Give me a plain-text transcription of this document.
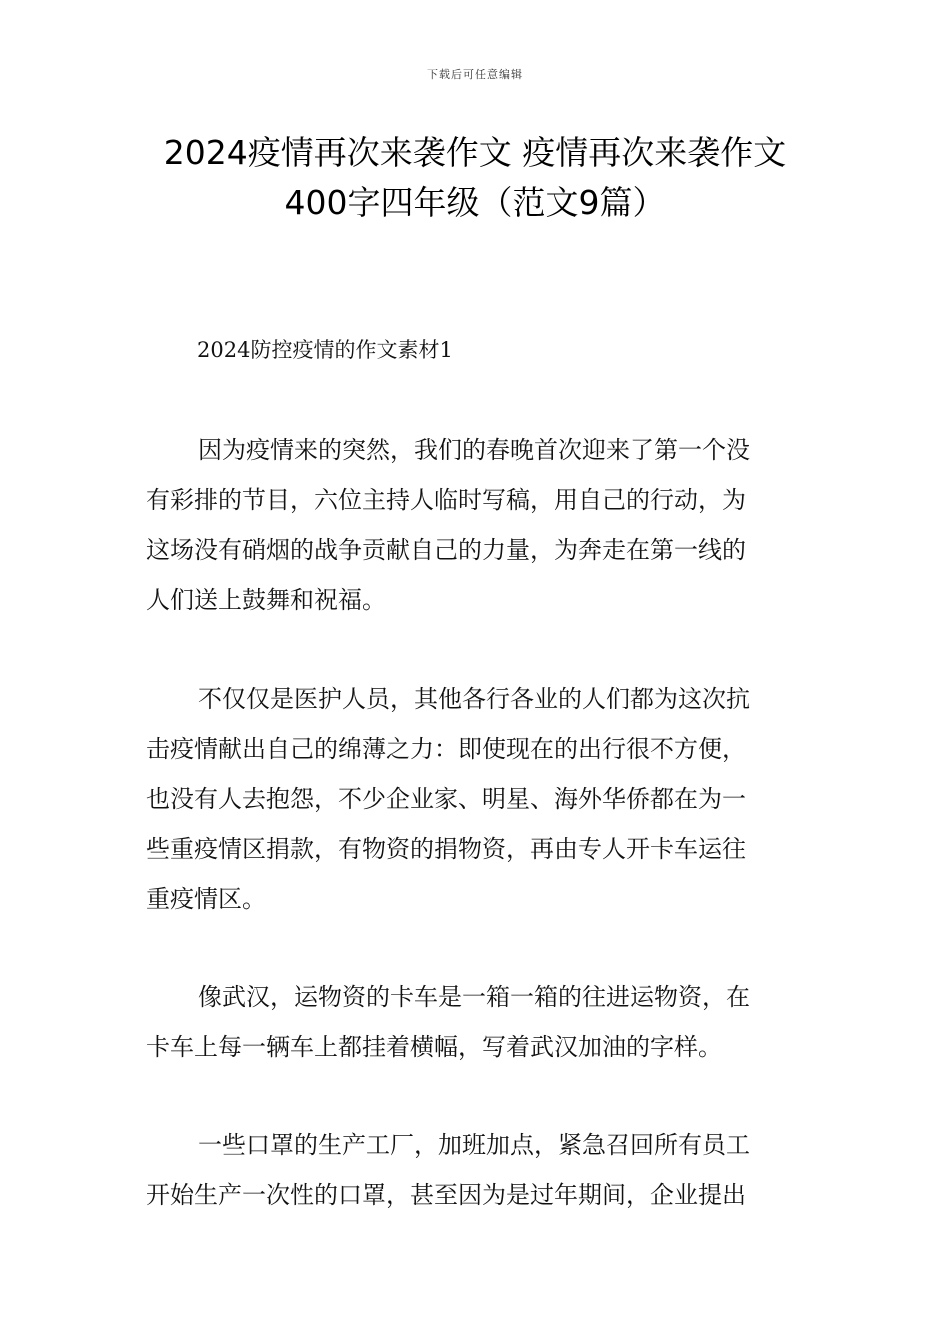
下载后可任意编辑
2024疫情再次来袭作文 疫情再次来袭作文
400字四年级（范文9篇）
2024防控疫情的作文素材1
因为疫情来的突然，我们的春晚首次迎来了第一个没
有彩排的节目，六位主持人临时写稿，用自己的行动，为
这场没有硝烟的战争贡献自己的力量，为奔走在第一线的
人们送上鼓舞和祝福。
不仅仅是医护人员，其他各行各业的人们都为这次抗
击疫情献出自己的绵薄之力：即使现在的出行很不方便，
也没有人去抱怨，不少企业家、明星、海外华侨都在为一
些重疫情区捐款，有物资的捐物资，再由专人开卡车运往
重疫情区。
像武汉，运物资的卡车是一箱一箱的往进运物资，在
卡车上每一辆车上都挂着横幅，写着武汉加油的字样。
一些口罩的生产工厂，加班加点，紧急召回所有员工
开始生产一次性的口罩，甚至因为是过年期间，企业提出
